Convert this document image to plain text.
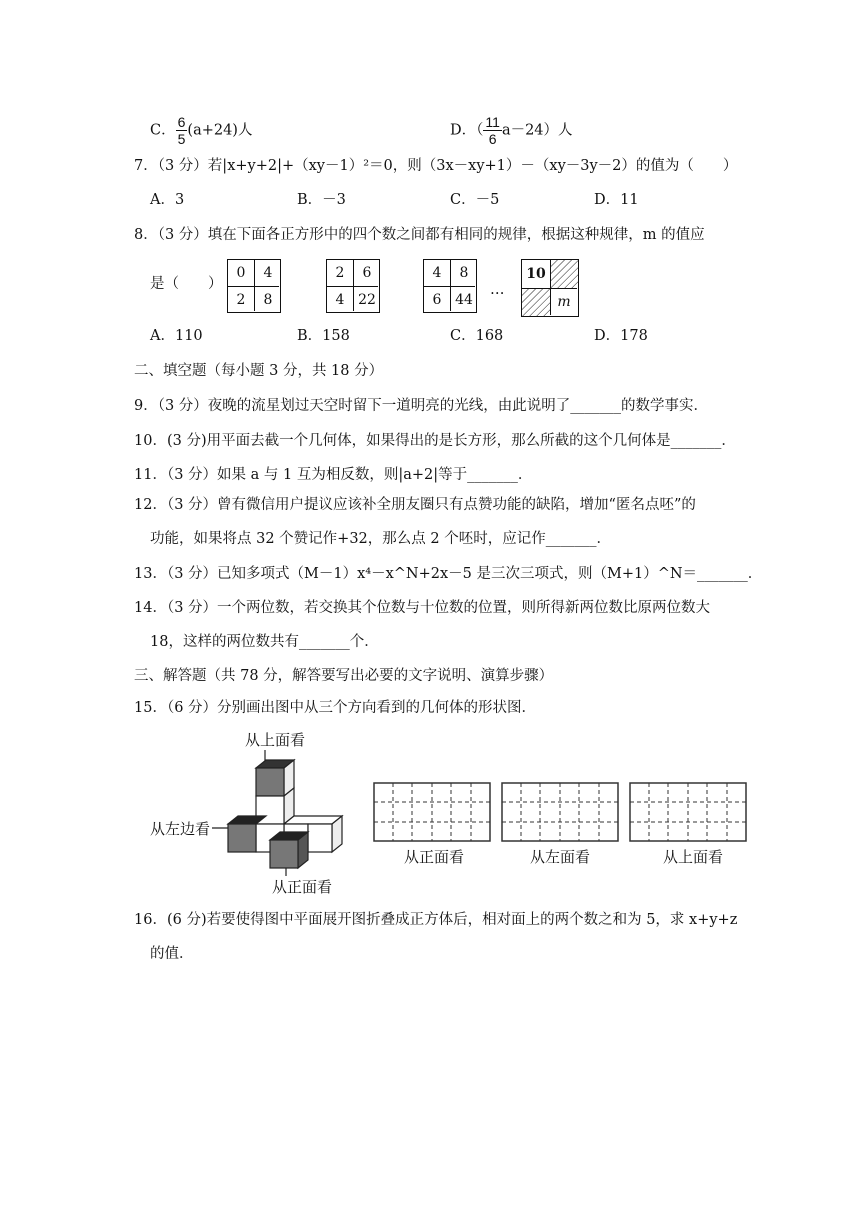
C． $\frac{6}{5} (a+24)$人	D．（ $\frac{11}{6} a-24$）人
7．（3 分）若|x+y+2|+（xy－1）²＝0，则（3x－xy+1）－（xy－3y－2）的值为（　　）
A．3	B．－3	C．－5	D．11
8．（3 分）填在下面各正方形中的四个数之间都有相同的规律，根据这种规律，m 的值应
是（　　）
0	4
2	8
2	6
4 22
4	8
6 44
…
10
m
A．110	B．158	C．168	D．178
二、填空题（每小题 3 分，共 18 分）
9．（3 分）夜晚的流星划过天空时留下一道明亮的光线，由此说明了_______的数学事实．
10．(3 分)用平面去截一个几何体，如果得出的是长方形，那么所截的这个几何体是_______．
11．（3 分）如果 a 与 1 互为相反数，则|a+2|等于_______．
12．（3 分）曾有微信用户提议应该补全朋友圈只有点赞功能的缺陷，增加“匿名点呸”的
功能，如果将点 32 个赞记作+32，那么点 2 个呸时，应记作_______．
13．（3 分）已知多项式（M－1）x⁴－x^N+2x－5 是三次三项式，则（M+1）^N＝_______．
14．（3 分）一个两位数，若交换其个位数与十位数的位置，则所得新两位数比原两位数大
18，这样的两位数共有_______个．
三、解答题（共 78 分，解答要写出必要的文字说明、演算步骤）
15．（6 分）分别画出图中从三个方向看到的几何体的形状图．
从上面看
从左边看
从正面看
从正面看	从左面看	从上面看
16．(6 分)若要使得图中平面展开图折叠成正方体后，相对面上的两个数之和为 5，求 x+y+z
的值．
